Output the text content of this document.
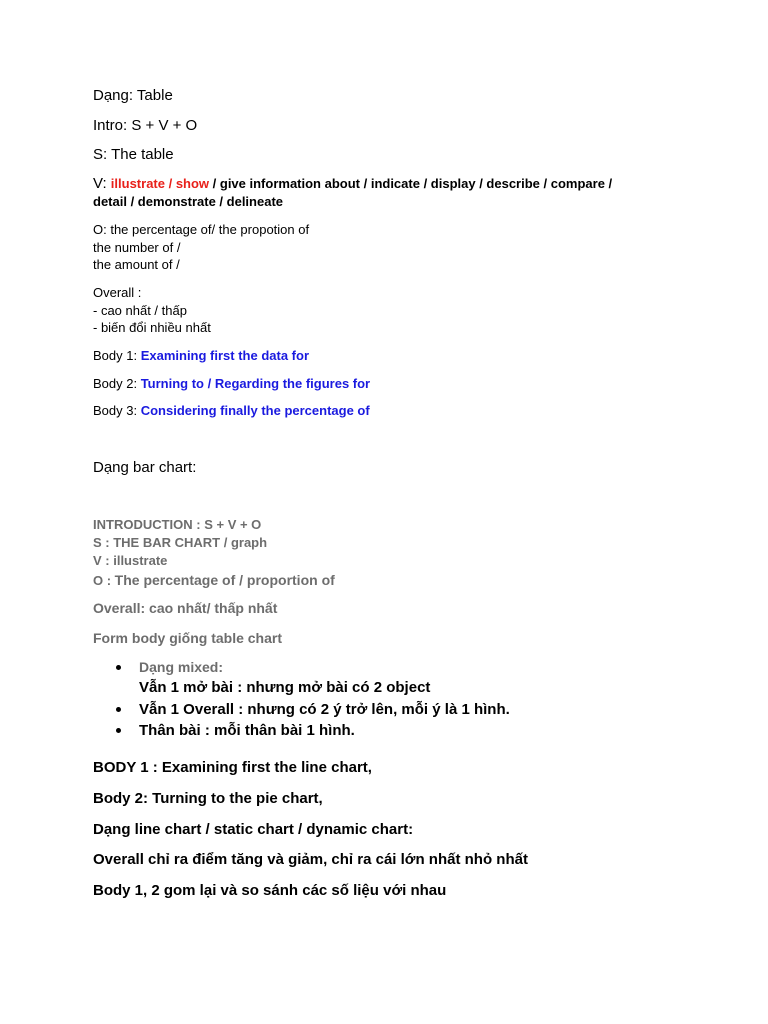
Dạng: Table
Intro: S + V + O
S: The table
V: illustrate / show / give information about / indicate / display / describe / compare /
detail / demonstrate / delineate
O: the percentage of/ the propotion of
the number of /
the amount of /
Overall :
- cao nhất / thấp
- biến đổi nhiều nhất
Body 1: Examining first the data for
Body 2: Turning to / Regarding the figures for
Body 3: Considering finally the percentage of
Dạng bar chart:
INTRODUCTION : S + V + O
S : THE BAR CHART / graph
V : illustrate
O : The percentage of / proportion of
Overall: cao nhất/ thấp nhất
Form body giống table chart
Dạng mixed:
Vẫn 1 mở bài : nhưng mở bài có 2 object
Vẫn 1 Overall : nhưng có 2 ý trở lên, mỗi ý là 1 hình.
Thân bài : mỗi thân bài 1 hình.
BODY 1 : Examining first the line chart,
Body 2: Turning to the pie chart,
Dạng line chart / static chart / dynamic chart:
Overall chỉ ra điểm tăng và giảm, chỉ ra cái lớn nhất nhỏ nhất
Body 1, 2 gom lại và so sánh các số liệu với nhau
